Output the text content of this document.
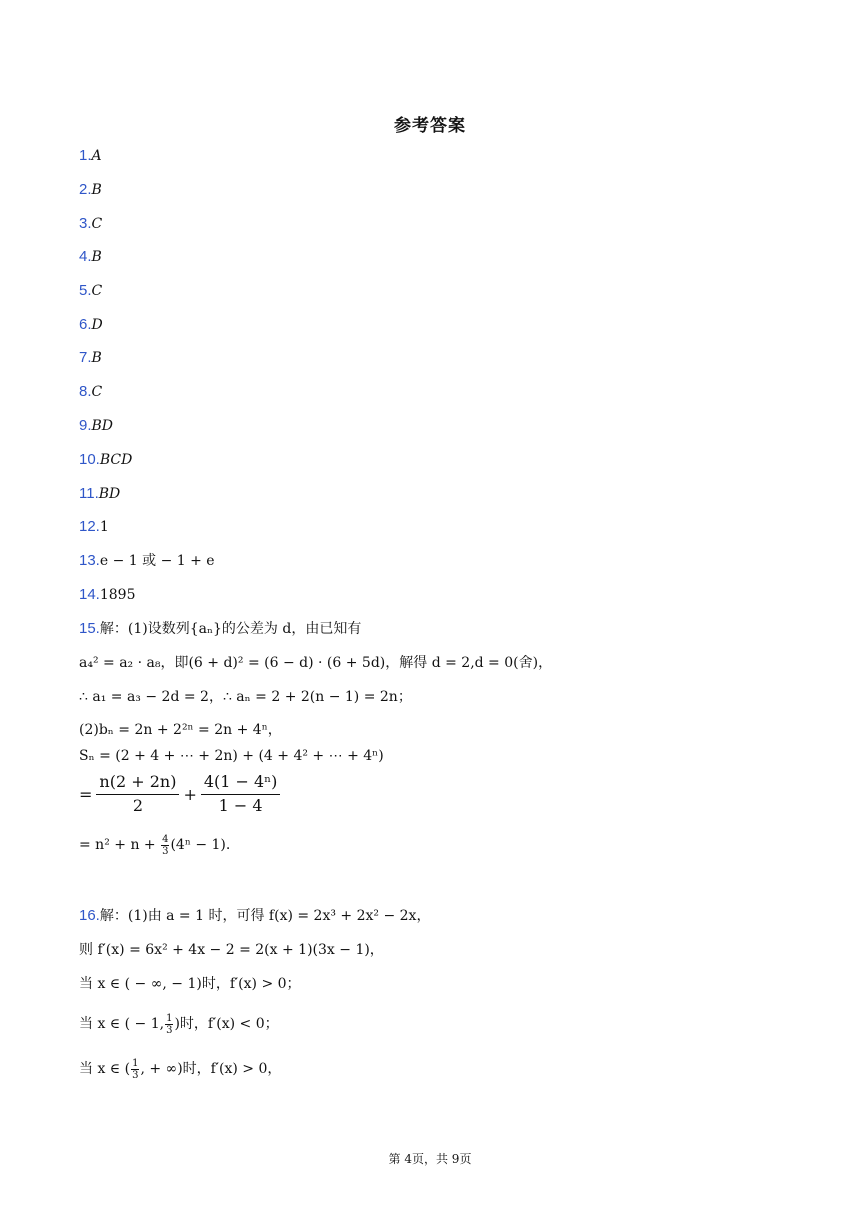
参考答案
1.A
2.B
3.C
4.B
5.C
6.D
7.B
8.C
9.BD
10.BCD
11.BD
12.1
13.e − 1 或 − 1 + e
14.1895
15.解：(1)设数列{aₙ}的公差为 d，由已知有
a₄² = a₂ · a₈，即(6 + d)² = (6 − d) · (6 + 5d)，解得 d = 2,d = 0(舍)，
∴ a₁ = a₃ − 2d = 2，∴ aₙ = 2 + 2(n − 1) = 2n；
(2)bₙ = 2n + 2²ⁿ = 2n + 4ⁿ，
Sₙ = (2 + 4 + ⋯ + 2n) + (4 + 4² + ⋯ + 4ⁿ)
= $\frac{n(2 + 2n)}{2} + \frac{\text{4(1 − 4ⁿ)}}{1 - 4}$
= $n^2 + n + \frac{4}{3} (4^n - 1)$.
16.解：(1)由 a = 1 时，可得 f(x) = 2x³ + 2x² − 2x，
则 f′(x) = 6x² + 4x − 2 = 2(x + 1)(3x − 1)，
当 x ∈ ( − ∞, − 1)时，f′(x) > 0；
当 x ∈ ( − 1, $\frac{1}{3}$ )时，f′(x) < 0；
当 x ∈ ( $\frac{1}{3}$ , + ∞)时，f′(x) > 0，
第 4页，共 9页
